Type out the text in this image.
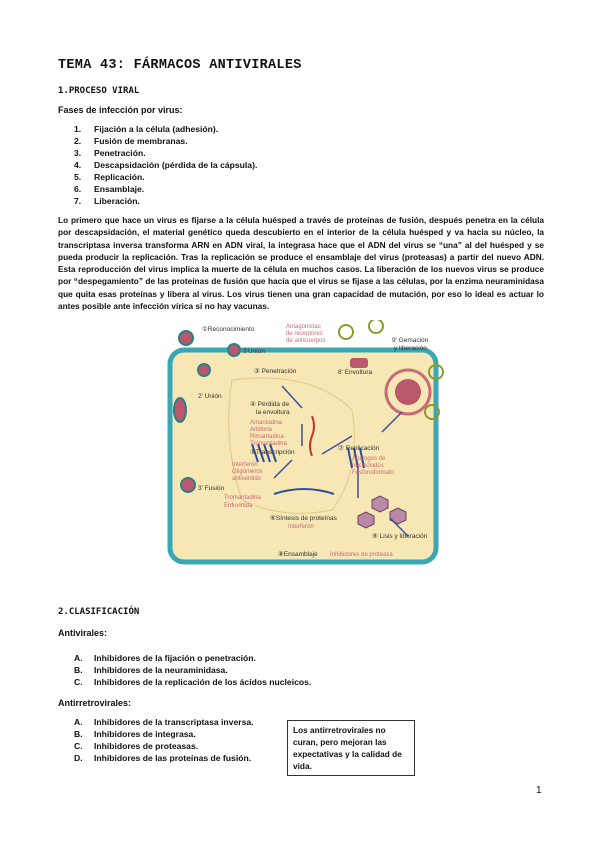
TEMA 43: FÁRMACOS ANTIVIRALES
1.PROCESO VIRAL
Fases de infección por virus:
1. Fijación a la célula (adhesión).
2. Fusión de membranas.
3. Penetración.
4. Descapsidación (pérdida de la cápsula).
5. Replicación.
6. Ensamblaje.
7. Liberación.

Lo primero que hace un virus es fijarse a la célula huésped a través de proteínas de fusión, después penetra en la célula por descapsidación, el material genético queda descubierto en el interior de la célula huésped y va hacia su núcleo, la transcriptasa inversa transforma ARN en ADN viral, la integrasa hace que el ADN del virus se “una” al del huésped y se pueda producir la replicación. Tras la replicación se produce el ensamblaje del virus (proteasas) a partir del nuevo ADN. Esta reproducción del virus implica la muerte de la célula en muchos casos. La liberación de los nuevos virus se produce por “despegamiento” de las proteínas de fusión que hacía que el virus se fijase a las células, por la enzima neuraminidasa que quita esas proteínas y libera al virus. Los virus tienen una gran capacidad de mutación, por eso lo ideal es actuar lo antes posible ante infección vírica si no hay vacunas.

①Reconocimiento
②Unión
③ Penetración	8' Envoltura
9' Gemación
y liberación
2' Unión
④ Pérdida de
la envoltura
⑤Transcripción
3' Fusión
⑦ Replicación
⑥Síntesis de proteínas
⑨ Lisis y liberación
⑧Ensamblaje
Antagonistas
de receptores
de anticuerpos
Amantadina
Arildona
Rimantadina
Tromantadina
Interferón
Oligómeros
antisentido
Tromantadina
Enfuvirtida
Análogos de
nucleósidos
Fosfonoformato
Interferón
Inhibidores de proteasa
2.CLASIFICACIÓN
Antivirales:
A. Inhibidores de la fijación o penetración.
B. Inhibidores de la neuraminidasa.
C. Inhibidores de la replicación de los ácidos nucleicos.
Antirretrovirales:
A. Inhibidores de la transcriptasa inversa.
B. Inhibidores de integrasa.
C. Inhibidores de proteasas.
D. Inhibidores de las proteínas de fusión.
Los antirretrovirales no curan, pero mejoran las expectativas y la calidad de vida.
1
